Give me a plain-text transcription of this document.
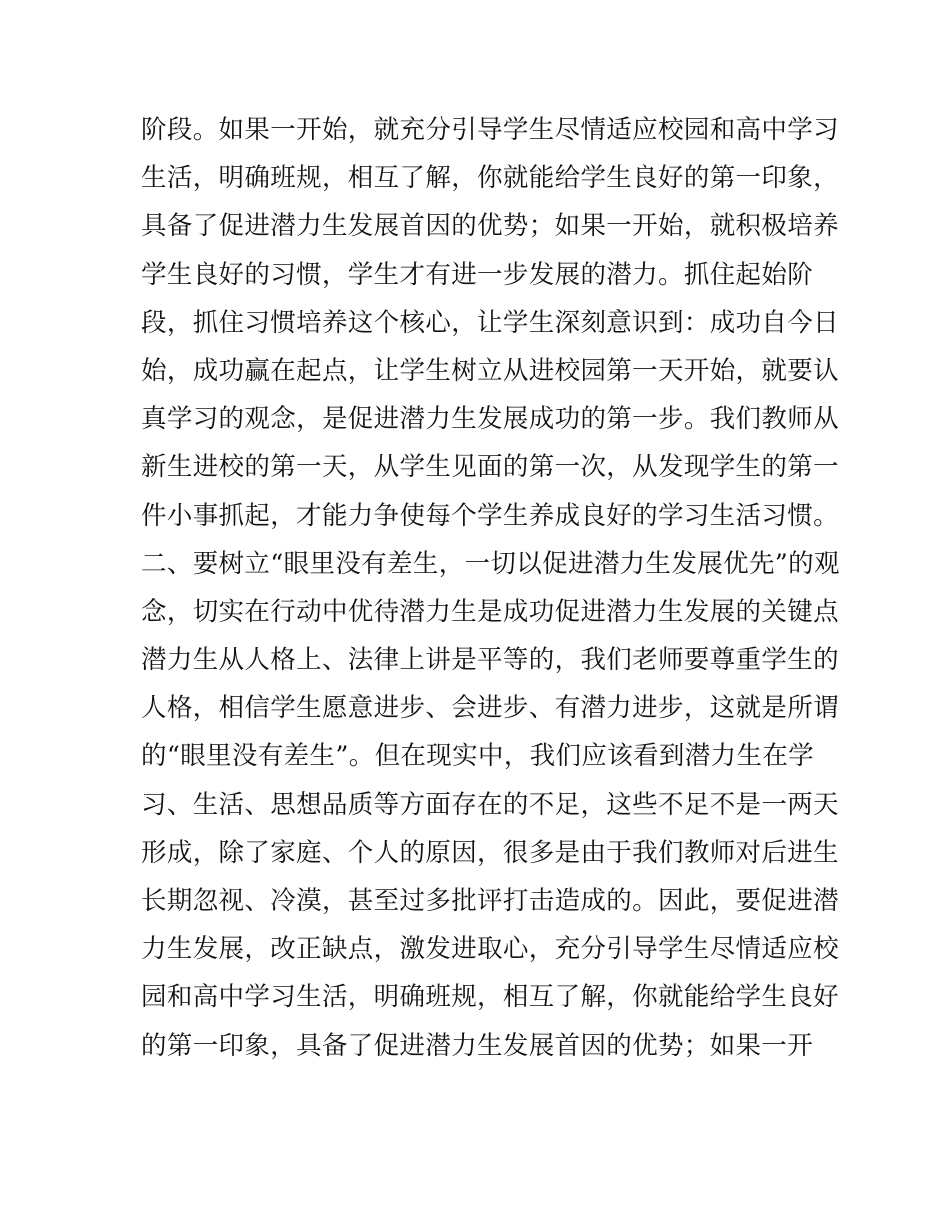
阶段。如果一开始，就充分引导学生尽情适应校园和高中学习
生活，明确班规，相互了解，你就能给学生良好的第一印象，
具备了促进潜力生发展首因的优势；如果一开始，就积极培养
学生良好的习惯，学生才有进一步发展的潜力。抓住起始阶
段，抓住习惯培养这个核心，让学生深刻意识到：成功自今日
始，成功赢在起点，让学生树立从进校园第一天开始，就要认
真学习的观念，是促进潜力生发展成功的第一步。我们教师从
新生进校的第一天，从学生见面的第一次，从发现学生的第一
件小事抓起，才能力争使每个学生养成良好的学习生活习惯。
二、要树立“眼里没有差生，一切以促进潜力生发展优先”的观
念，切实在行动中优待潜力生是成功促进潜力生发展的关键点
潜力生从人格上、法律上讲是平等的，我们老师要尊重学生的
人格，相信学生愿意进步、会进步、有潜力进步，这就是所谓
的“眼里没有差生”。但在现实中，我们应该看到潜力生在学
习、生活、思想品质等方面存在的不足，这些不足不是一两天
形成，除了家庭、个人的原因，很多是由于我们教师对后进生
长期忽视、冷漠，甚至过多批评打击造成的。因此，要促进潜
力生发展，改正缺点，激发进取心，充分引导学生尽情适应校
园和高中学习生活，明确班规，相互了解，你就能给学生良好
的第一印象，具备了促进潜力生发展首因的优势；如果一开
